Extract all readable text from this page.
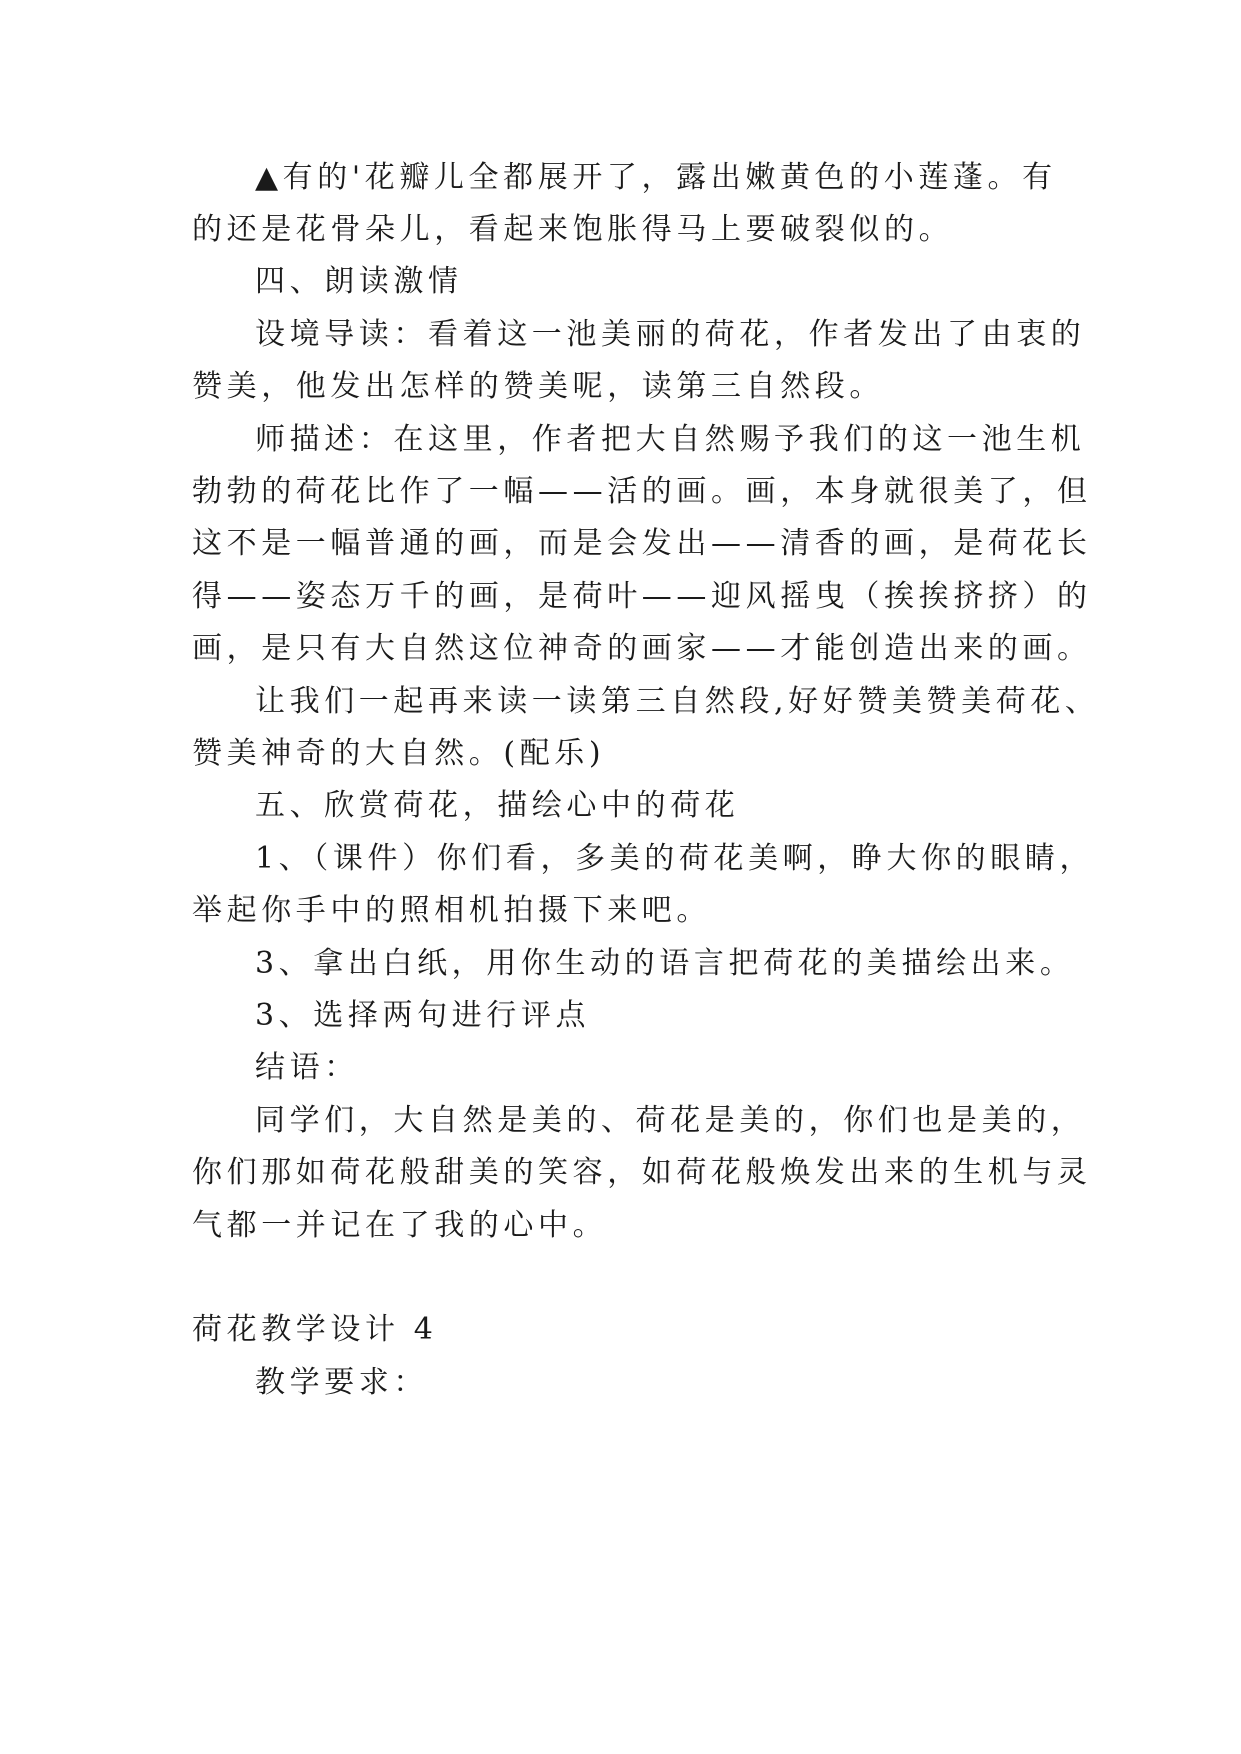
▲有的'花瓣儿全都展开了，露出嫩黄色的小莲蓬。有
的还是花骨朵儿，看起来饱胀得马上要破裂似的。
四、朗读激情
设境导读：看着这一池美丽的荷花，作者发出了由衷的
赞美，他发出怎样的赞美呢，读第三自然段。
师描述：在这里，作者把大自然赐予我们的这一池生机
勃勃的荷花比作了一幅——活的画。画，本身就很美了，但
这不是一幅普通的画，而是会发出——清香的画，是荷花长
得——姿态万千的画，是荷叶——迎风摇曳（挨挨挤挤）的
画，是只有大自然这位神奇的画家——才能创造出来的画。
让我们一起再来读一读第三自然段,好好赞美赞美荷花、
赞美神奇的大自然。(配乐)
五、欣赏荷花，描绘心中的荷花
1、（课件）你们看，多美的荷花美啊，睁大你的眼睛，
举起你手中的照相机拍摄下来吧。
3、拿出白纸，用你生动的语言把荷花的美描绘出来。
3、选择两句进行评点
结语：
同学们，大自然是美的、荷花是美的，你们也是美的，
你们那如荷花般甜美的笑容，如荷花般焕发出来的生机与灵
气都一并记在了我的心中。
荷花教学设计 4
教学要求：
